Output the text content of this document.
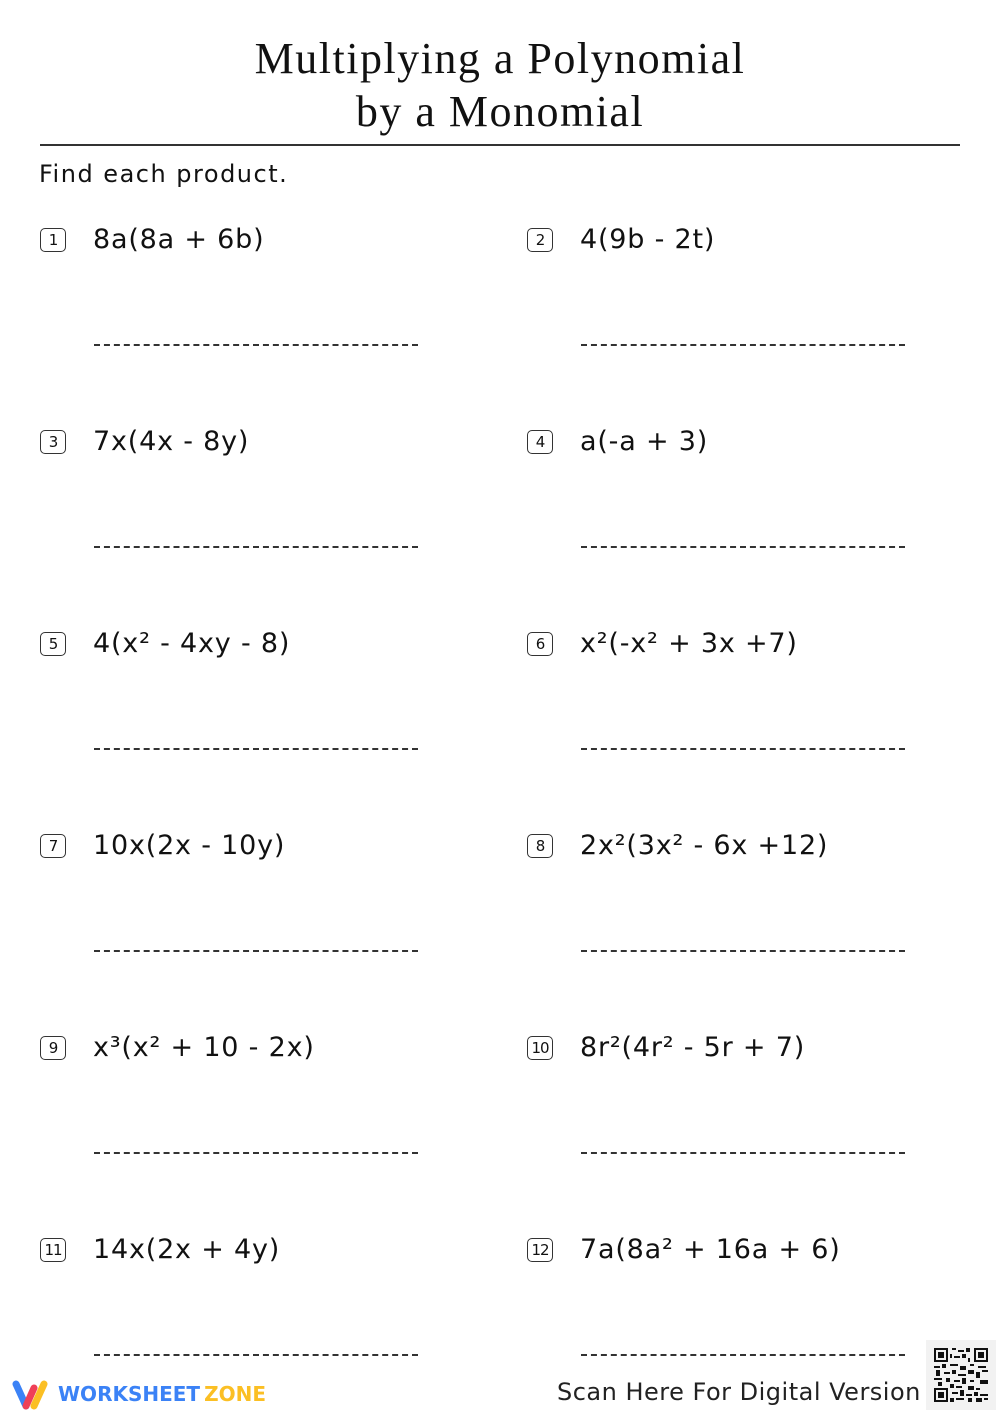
Multiplying a Polynomial
by a Monomial
Find each product.
1	8a(8a + 6b)	2	4(9b - 2t)
3	7x(4x - 8y)	4	a(-a + 3)
5	4(x² - 4xy - 8)	6	x²(-x² + 3x +7)
7	10x(2x - 10y)	8	2x²(3x² - 6x +12)
9	x³(x² + 10 - 2x)	10 8r²(4r² - 5r + 7)
11 14x(2x + 4y)	12 7a(8a² + 16a + 6)
WORKSHEET ZONE	Scan Here For Digital Version
